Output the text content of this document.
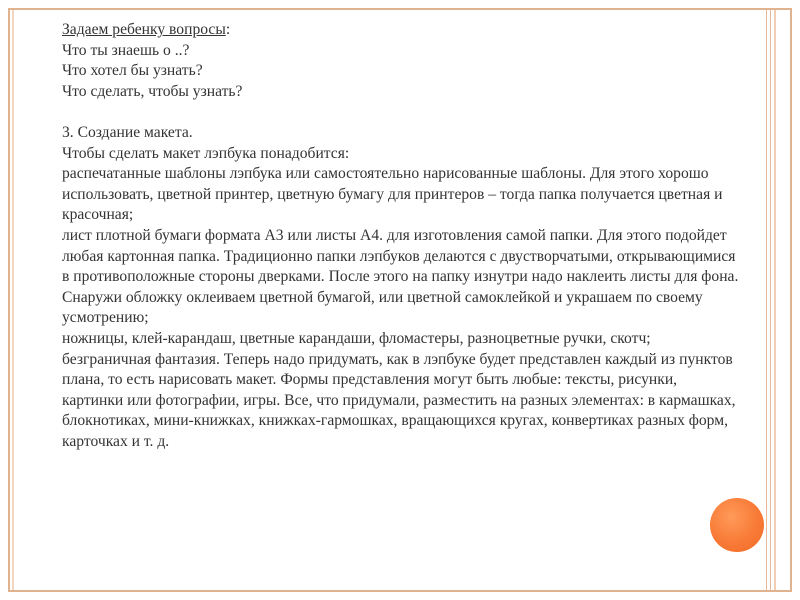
Задаем ребенку вопросы:

Что ты знаешь о ..?

Что хотел бы узнать?

Что сделать, чтобы узнать?

3. Создание макета.

Чтобы сделать макет лэпбука понадобится:

распечатанные шаблоны лэпбука или самостоятельно нарисованные шаблоны. Для этого хорошо использовать, цветной принтер, цветную бумагу для принтеров – тогда папка получается цветная и красочная;

лист плотной бумаги формата А3 или листы А4. для изготовления самой папки. Для этого подойдет любая картонная папка. Традиционно папки лэпбуков делаются с двустворчатыми, открывающимися в противоположные стороны дверками. После этого на папку изнутри надо наклеить листы для фона. Снаружи обложку оклеиваем цветной бумагой, или цветной самоклейкой и украшаем по своему усмотрению;

ножницы, клей-карандаш, цветные карандаши, фломастеры, разноцветные ручки, скотч;

безграничная фантазия. Теперь надо придумать, как в лэпбуке будет представлен каждый из пунктов плана, то есть нарисовать макет. Формы представления могут быть любые: тексты, рисунки, картинки или фотографии, игры. Все, что придумали, разместить на разных элементах: в кармашках, блокнотиках, мини-книжках, книжках-гармошках, вращающихся кругах, конвертиках разных форм, карточках и т. д.
